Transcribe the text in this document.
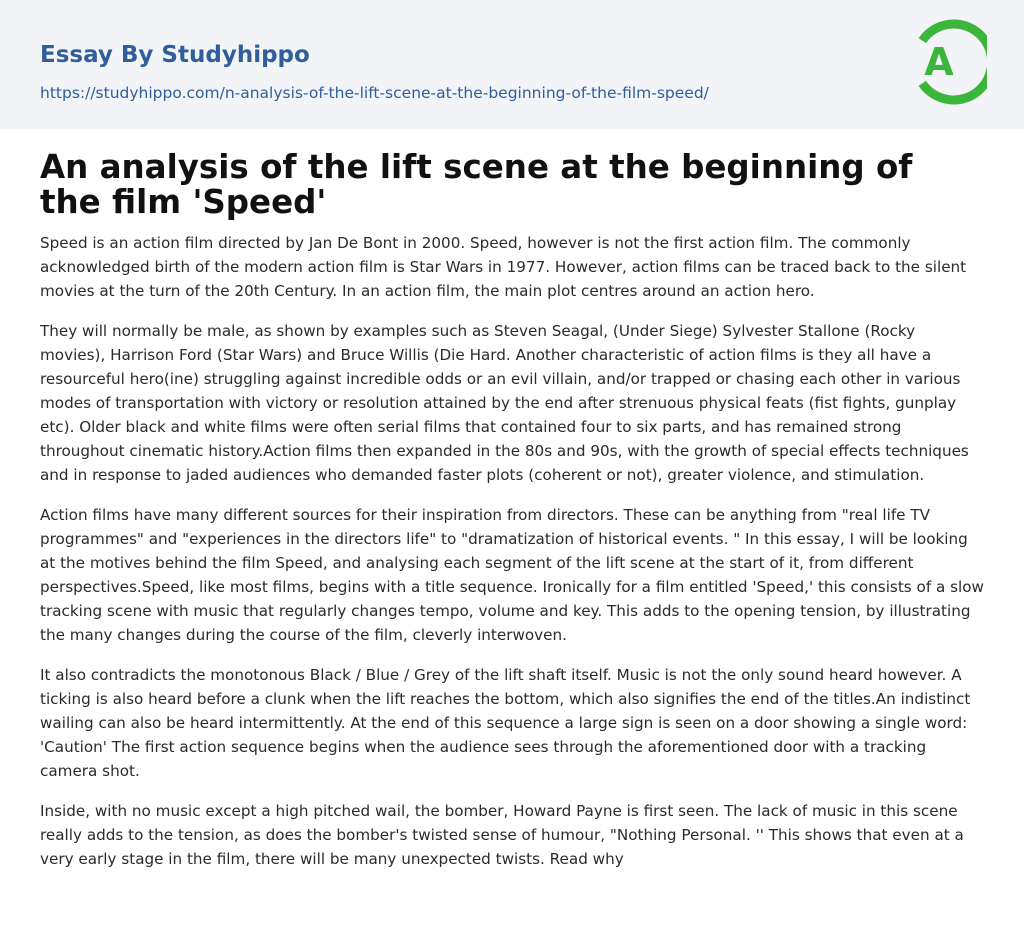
Essay By Studyhippo
https://studyhippo.com/n-analysis-of-the-lift-scene-at-the-beginning-of-the-film-speed/
A
An analysis of the lift scene at the beginning of the film 'Speed'

Speed is an action film directed by Jan De Bont in 2000. Speed, however is not the first action film. The commonly acknowledged birth of the modern action film is Star Wars in 1977. However, action films can be traced back to the silent movies at the turn of the 20th Century. In an action film, the main plot centres around an action hero.

They will normally be male, as shown by examples such as Steven Seagal, (Under Siege) Sylvester Stallone (Rocky movies), Harrison Ford (Star Wars) and Bruce Willis (Die Hard. Another characteristic of action films is they all have a resourceful hero(ine) struggling against incredible odds or an evil villain, and/or trapped or chasing each other in various modes of transportation with victory or resolution attained by the end after strenuous physical feats (fist fights, gunplay etc). Older black and white films were often serial films that contained four to six parts, and has remained strong throughout cinematic history.Action films then expanded in the 80s and 90s, with the growth of special effects techniques and in response to jaded audiences who demanded faster plots (coherent or not), greater violence, and stimulation.

Action films have many different sources for their inspiration from directors. These can be anything from "real life TV programmes" and "experiences in the directors life" to "dramatization of historical events. " In this essay, I will be looking at the motives behind the film Speed, and analysing each segment of the lift scene at the start of it, from different perspectives.Speed, like most films, begins with a title sequence. Ironically for a film entitled 'Speed,' this consists of a slow tracking scene with music that regularly changes tempo, volume and key. This adds to the opening tension, by illustrating the many changes during the course of the film, cleverly interwoven.

It also contradicts the monotonous Black / Blue / Grey of the lift shaft itself. Music is not the only sound heard however. A ticking is also heard before a clunk when the lift reaches the bottom, which also signifies the end of the titles.An indistinct wailing can also be heard intermittently. At the end of this sequence a large sign is seen on a door showing a single word: 'Caution' The first action sequence begins when the audience sees through the aforementioned door with a tracking camera shot.

Inside, with no music except a high pitched wail, the bomber, Howard Payne is first seen. The lack of music in this scene really adds to the tension, as does the bomber's twisted sense of humour, "Nothing Personal. '' This shows that even at a very early stage in the film, there will be many unexpected twists. Read why
